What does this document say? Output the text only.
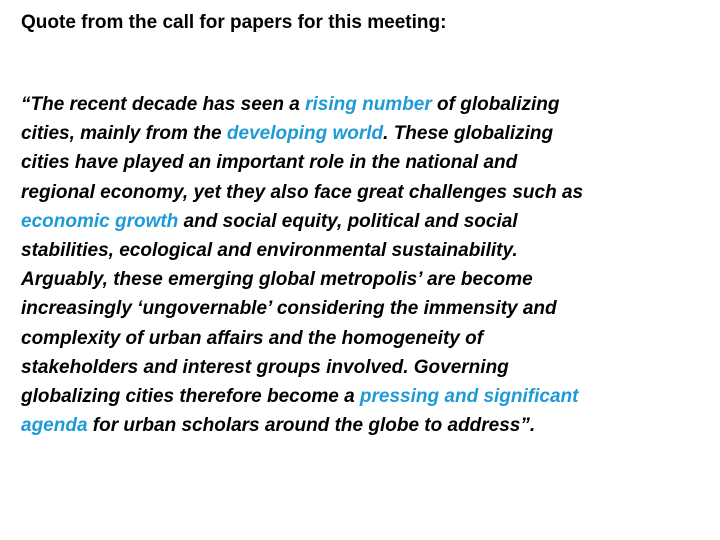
Quote from the call for papers for this meeting:

“The recent decade has seen a rising number of globalizing
cities, mainly from the developing world. These globalizing
cities have played an important role in the national and
regional economy, yet they also face great challenges such as
economic growth and social equity, political and social
stabilities, ecological and environmental sustainability.
Arguably, these emerging global metropolis’ are become
increasingly ‘ungovernable’ considering the immensity and
complexity of urban affairs and the homogeneity of
stakeholders and interest groups involved. Governing
globalizing cities therefore become a pressing and significant
agenda for urban scholars around the globe to address”.
